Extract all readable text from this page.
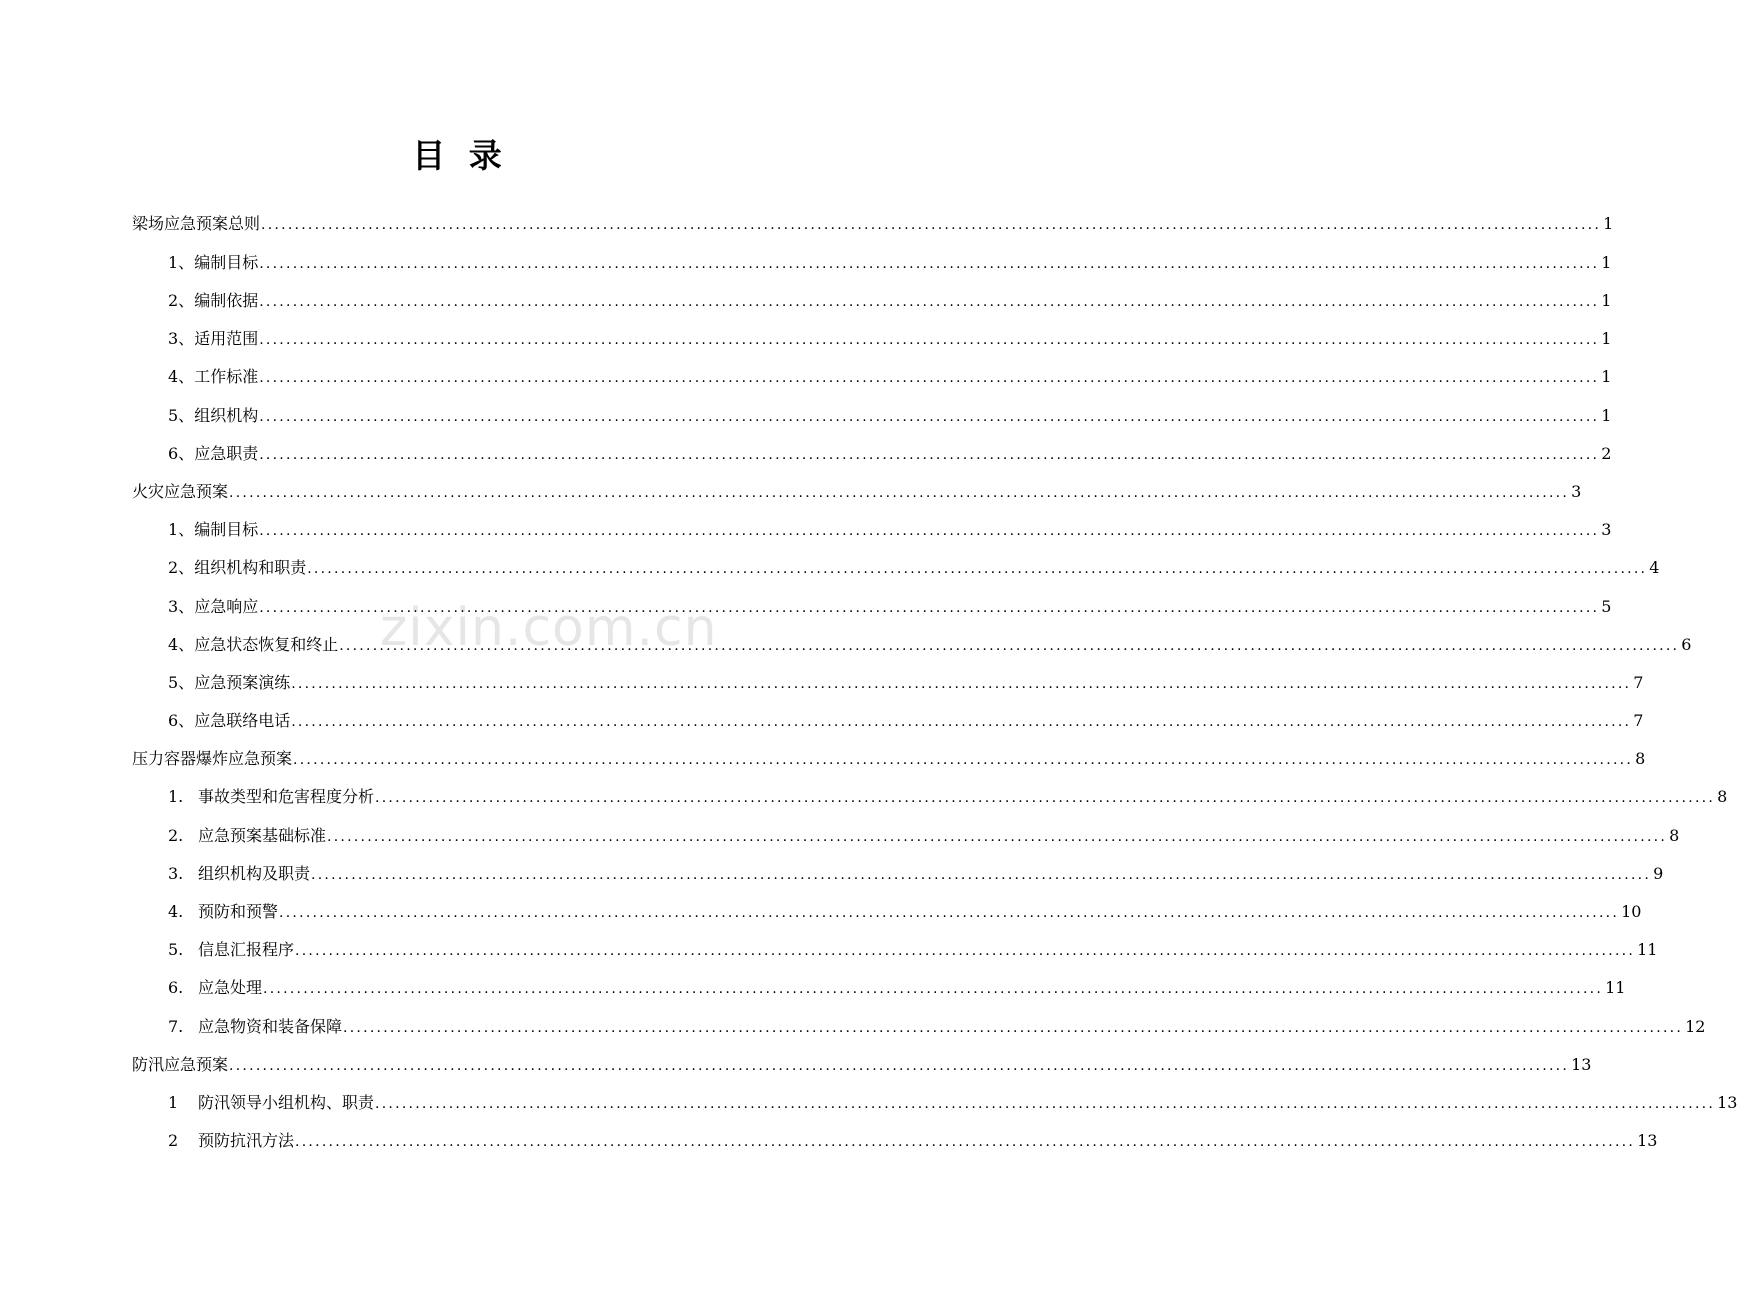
目 录
zixin.com.cn
梁场应急预案总则 ........................................................................................................................................................................................................ 1
1、 编制目标 ........................................................................................................................................................................................................ 1
2、 编制依据 ........................................................................................................................................................................................................ 1
3、 适用范围 ........................................................................................................................................................................................................ 1
4、 工作标准 ........................................................................................................................................................................................................ 1
5、 组织机构 ........................................................................................................................................................................................................ 1
6、 应急职责 ........................................................................................................................................................................................................ 2
火灾应急预案 ........................................................................................................................................................................................................ 3
1、 编制目标 ........................................................................................................................................................................................................ 3
2、 组织机构和职责 ........................................................................................................................................................................................................ 4
3、 应急响应 ........................................................................................................................................................................................................ 5
4、 应急状态恢复和终止 ........................................................................................................................................................................................................ 6
5、 应急预案演练 ........................................................................................................................................................................................................ 7
6、 应急联络电话 ........................................................................................................................................................................................................ 7
压力容器爆炸应急预案 ........................................................................................................................................................................................................ 8
1. 事故类型和危害程度分析 ........................................................................................................................................................................................................ 8
2. 应急预案基础标准 ........................................................................................................................................................................................................ 8
3. 组织机构及职责 ........................................................................................................................................................................................................ 9
4. 预防和预警 ........................................................................................................................................................................................................ 10
5. 信息汇报程序 ........................................................................................................................................................................................................ 11
6. 应急处理 ........................................................................................................................................................................................................ 11
7. 应急物资和装备保障 ........................................................................................................................................................................................................ 12
防汛应急预案 ........................................................................................................................................................................................................ 13
1	防汛领导小组机构、职责 ........................................................................................................................................................................................................ 13
2	预防抗汛方法 ........................................................................................................................................................................................................ 13
